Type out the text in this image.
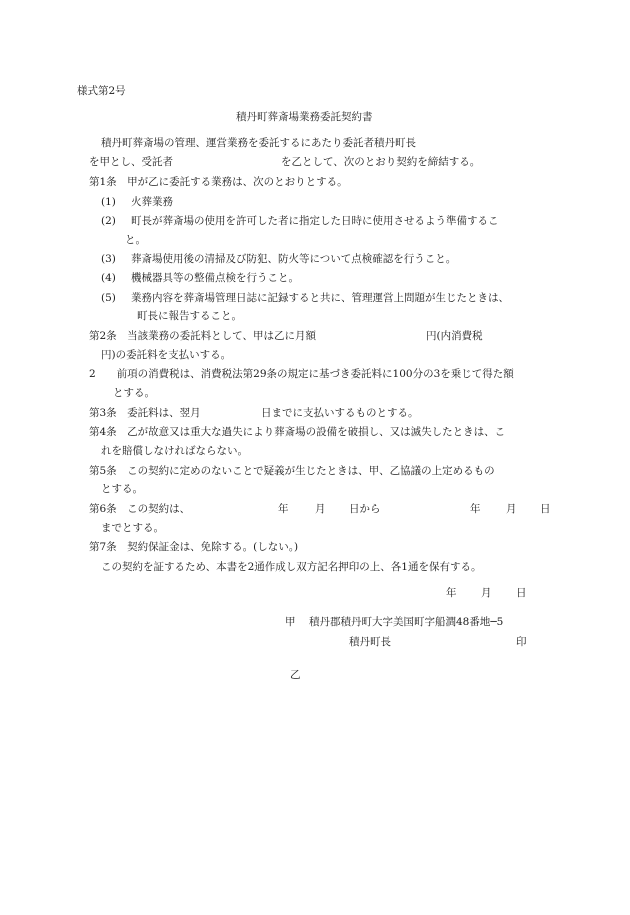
様式第2号
積丹町葬斎場業務委託契約書
積丹町葬斎場の管理、運営業務を委託するにあたり委託者積丹町長
を甲とし、受託者	を乙として、次のとおり契約を締結する。
第1条　甲が乙に委託する業務は、次のとおりとする。
(1) 火葬業務
(2) 町長が葬斎場の使用を許可した者に指定した日時に使用させるよう準備するこ
と。
(3) 葬斎場使用後の清掃及び防犯、防火等について点検確認を行うこと。
(4) 機械器具等の整備点検を行うこと。
(5) 業務内容を葬斎場管理日誌に記録すると共に、管理運営上問題が生じたときは、
町長に報告すること。
第2条　当該業務の委託料として、甲は乙に月額	円(内消費税
円)の委託料を支払いする。
2　　前項の消費税は、消費税法第29条の規定に基づき委託料に100分の3を乗じて得た額
とする。
第3条　委託料は、翌月	日までに支払いするものとする。
第4条　乙が故意又は重大な過失により葬斎場の設備を破損し、又は滅失したときは、こ
れを賠償しなければならない。
第5条　この契約に定めのないことで疑義が生じたときは、甲、乙協議の上定めるもの
とする。
第6条　この契約は、	年	月 日から	年 月 日
までとする。
第7条　契約保証金は、免除する。(しない。)
この契約を証するため、本書を2通作成し双方記名押印の上、各1通を保有する。
年 月 日
甲 積丹郡積丹町大字美国町字船澗48番地─5
積丹町長	印
乙
